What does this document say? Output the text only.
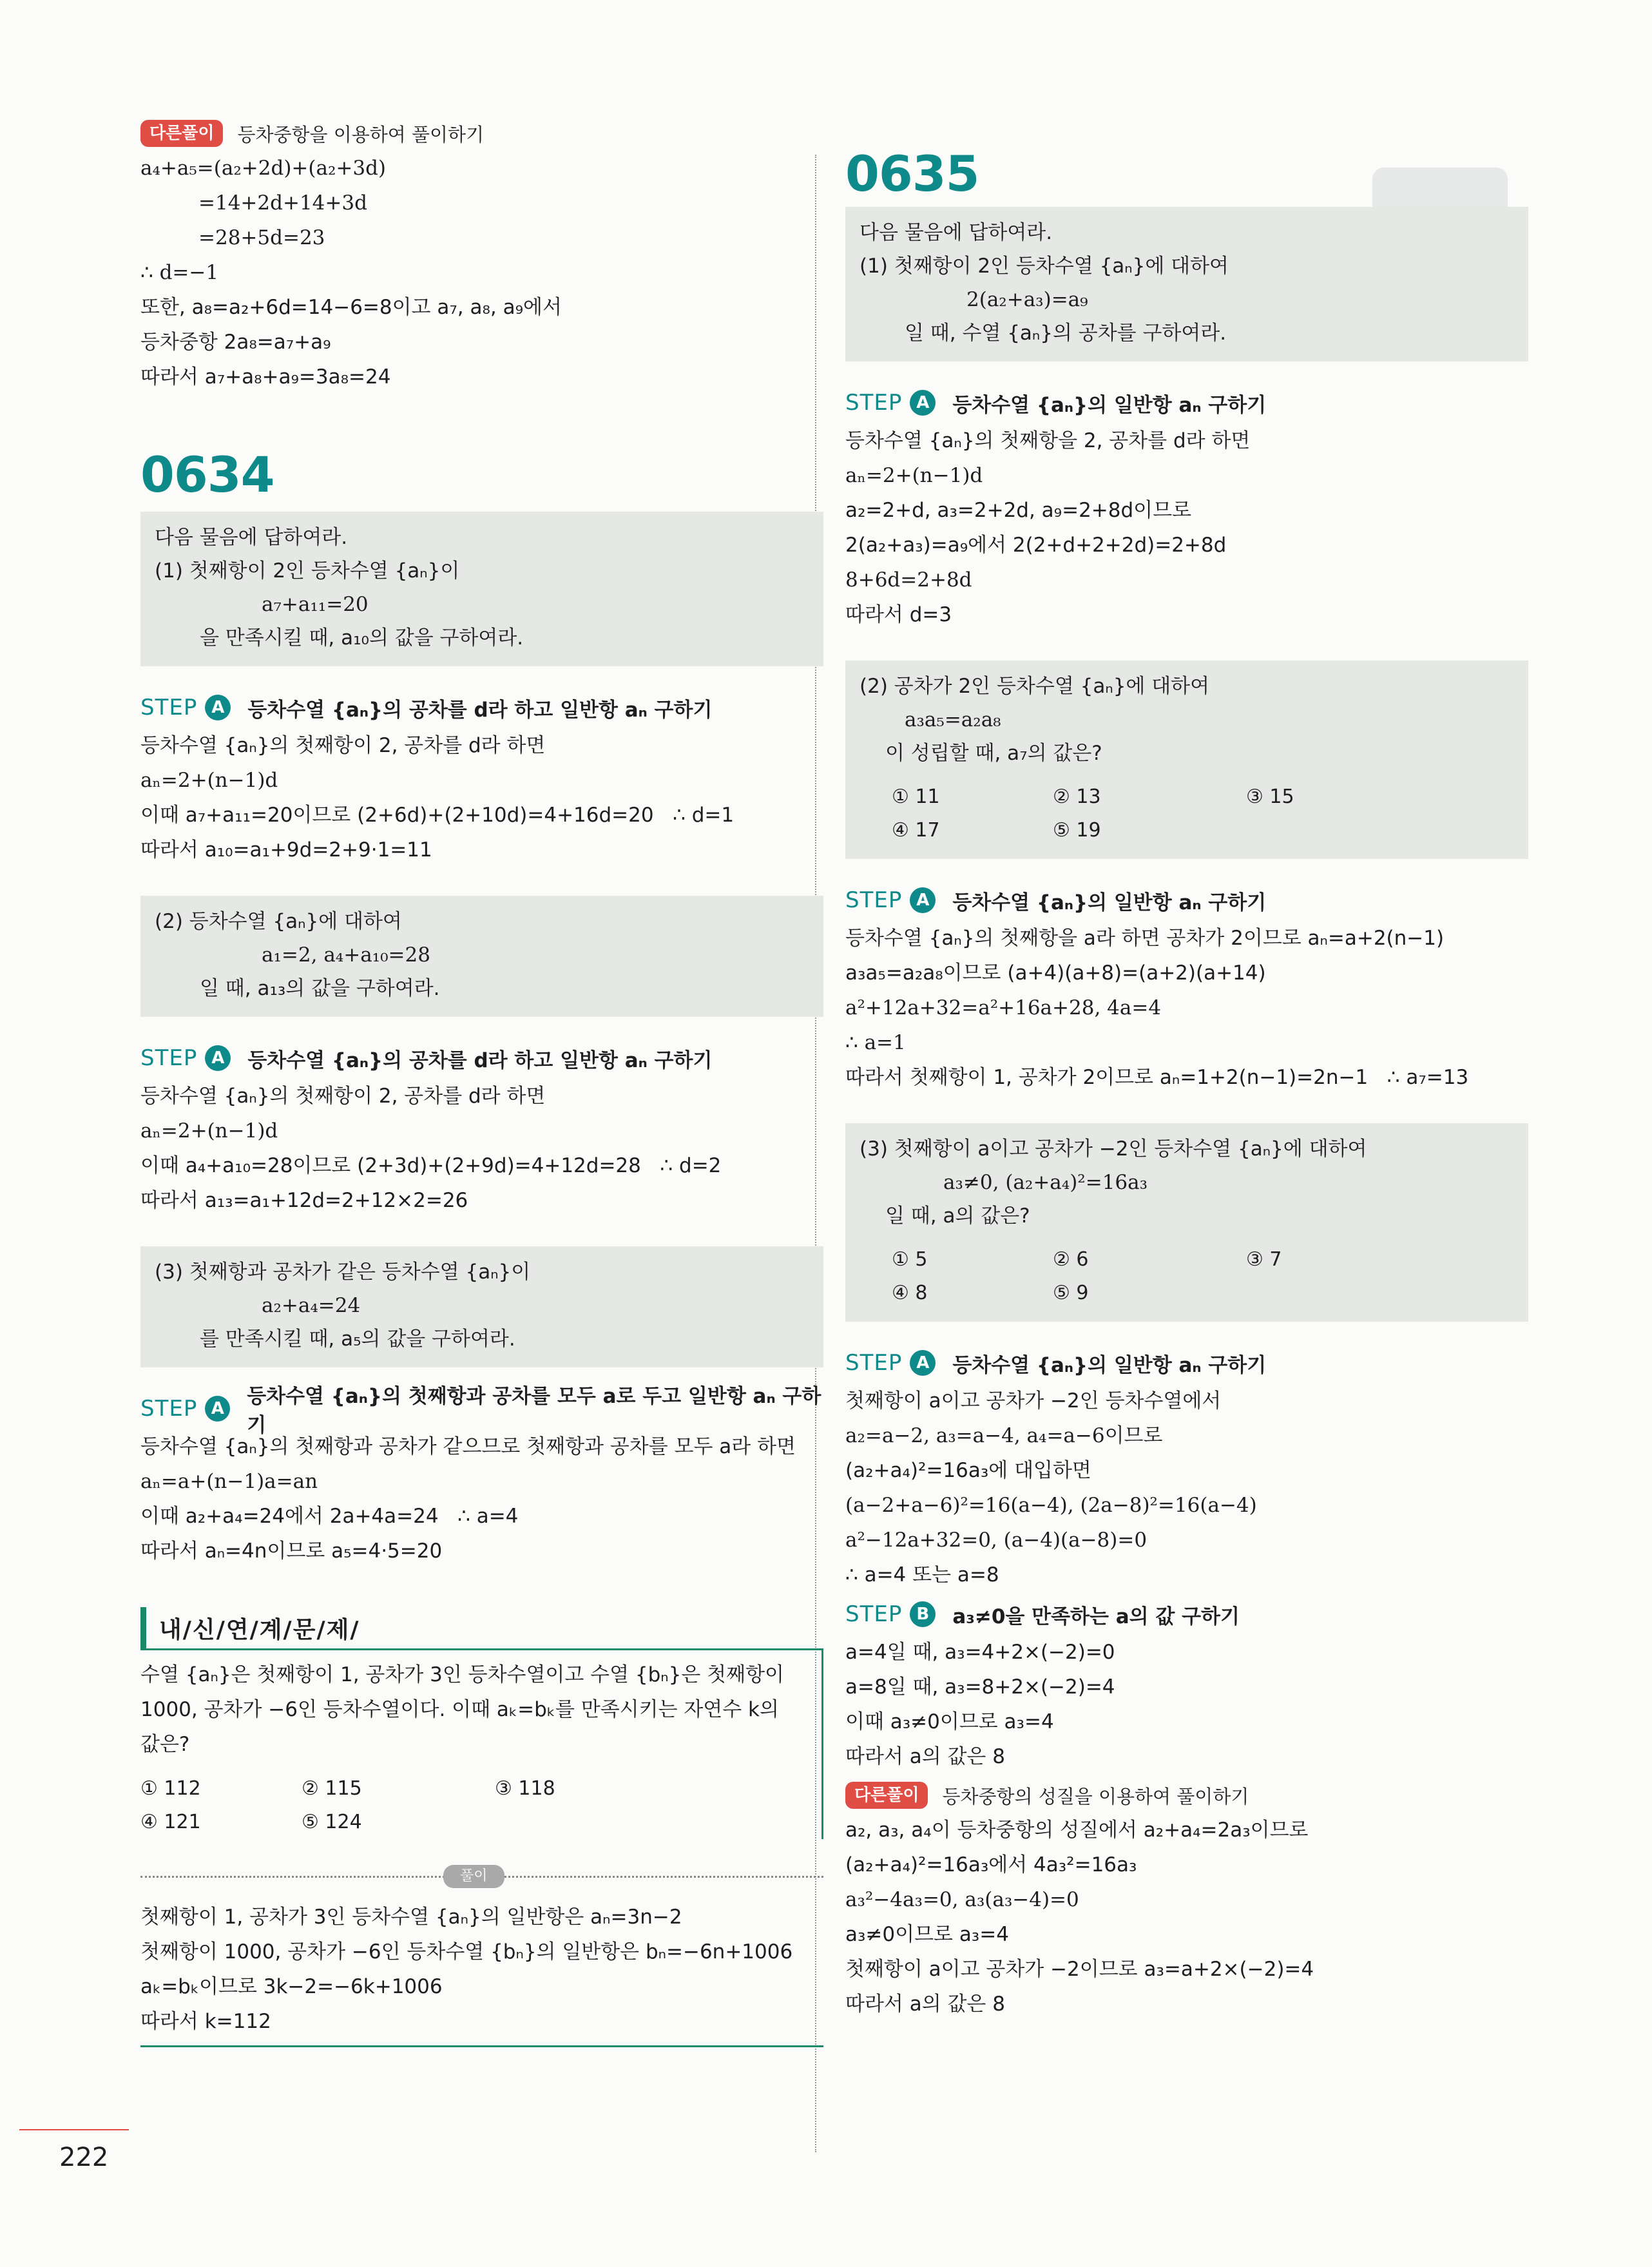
다른풀이	등차중항을 이용하여 풀이하기
a₄+a₅=(a₂+2d)+(a₂+3d)
=14+2d+14+3d
=28+5d=23
∴ d=−1
또한, a₈=a₂+6d=14−6=8이고 a₇, a₈, a₉에서
등차중항 2a₈=a₇+a₉
따라서 a₇+a₈+a₉=3a₈=24
0634
다음 물음에 답하여라.
(1) 첫째항이 2인 등차수열 {aₙ}이
a₇+a₁₁=20
을 만족시킬 때, a₁₀의 값을 구하여라.
STEP A	등차수열 {aₙ}의 공차를 d라 하고 일반항 aₙ 구하기
등차수열 {aₙ}의 첫째항이 2, 공차를 d라 하면
aₙ=2+(n−1)d
이때 a₇+a₁₁=20이므로 (2+6d)+(2+10d)=4+16d=20   ∴ d=1
따라서 a₁₀=a₁+9d=2+9·1=11
(2) 등차수열 {aₙ}에 대하여
a₁=2, a₄+a₁₀=28
일 때, a₁₃의 값을 구하여라.
STEP A	등차수열 {aₙ}의 공차를 d라 하고 일반항 aₙ 구하기
등차수열 {aₙ}의 첫째항이 2, 공차를 d라 하면
aₙ=2+(n−1)d
이때 a₄+a₁₀=28이므로 (2+3d)+(2+9d)=4+12d=28   ∴ d=2
따라서 a₁₃=a₁+12d=2+12×2=26
(3) 첫째항과 공차가 같은 등차수열 {aₙ}이
a₂+a₄=24
를 만족시킬 때, a₅의 값을 구하여라.
STEP A
등차수열 {aₙ}의 첫째항과 공차를 모두 a로 두고 일반항 aₙ 구하기
등차수열 {aₙ}의 첫째항과 공차가 같으므로 첫째항과 공차를 모두 a라 하면
aₙ=a+(n−1)a=an
이때 a₂+a₄=24에서 2a+4a=24   ∴ a=4
따라서 aₙ=4n이므로 a₅=4·5=20
내/신/연/계/문/제/
수열 {aₙ}은 첫째항이 1, 공차가 3인 등차수열이고 수열 {bₙ}은 첫째항이
1000, 공차가 −6인 등차수열이다. 이때 aₖ=bₖ를 만족시키는 자연수 k의
값은?
① 112	② 115	③ 118
④ 121	⑤ 124
풀이
첫째항이 1, 공차가 3인 등차수열 {aₙ}의 일반항은 aₙ=3n−2
첫째항이 1000, 공차가 −6인 등차수열 {bₙ}의 일반항은 bₙ=−6n+1006
aₖ=bₖ이므로 3k−2=−6k+1006
따라서 k=112
0635
다음 물음에 답하여라.
(1) 첫째항이 2인 등차수열 {aₙ}에 대하여
2(a₂+a₃)=a₉
일 때, 수열 {aₙ}의 공차를 구하여라.
STEP A	등차수열 {aₙ}의 일반항 aₙ 구하기
등차수열 {aₙ}의 첫째항을 2, 공차를 d라 하면
aₙ=2+(n−1)d
a₂=2+d, a₃=2+2d, a₉=2+8d이므로
2(a₂+a₃)=a₉에서 2(2+d+2+2d)=2+8d
8+6d=2+8d
따라서 d=3
(2) 공차가 2인 등차수열 {aₙ}에 대하여
a₃a₅=a₂a₈
이 성립할 때, a₇의 값은?
① 11	② 13	③ 15
④ 17	⑤ 19
STEP A	등차수열 {aₙ}의 일반항 aₙ 구하기
등차수열 {aₙ}의 첫째항을 a라 하면 공차가 2이므로 aₙ=a+2(n−1)
a₃a₅=a₂a₈이므로 (a+4)(a+8)=(a+2)(a+14)
a²+12a+32=a²+16a+28, 4a=4
∴ a=1
따라서 첫째항이 1, 공차가 2이므로 aₙ=1+2(n−1)=2n−1   ∴ a₇=13
(3) 첫째항이 a이고 공차가 −2인 등차수열 {aₙ}에 대하여
a₃≠0, (a₂+a₄)²=16a₃
일 때, a의 값은?
① 5	② 6	③ 7
④ 8	⑤ 9
STEP A	등차수열 {aₙ}의 일반항 aₙ 구하기
첫째항이 a이고 공차가 −2인 등차수열에서
a₂=a−2, a₃=a−4, a₄=a−6이므로
(a₂+a₄)²=16a₃에 대입하면
(a−2+a−6)²=16(a−4), (2a−8)²=16(a−4)
a²−12a+32=0, (a−4)(a−8)=0
∴ a=4 또는 a=8
STEP B	a₃≠0을 만족하는 a의 값 구하기
a=4일 때, a₃=4+2×(−2)=0
a=8일 때, a₃=8+2×(−2)=4
이때 a₃≠0이므로 a₃=4
따라서 a의 값은 8
다른풀이	등차중항의 성질을 이용하여 풀이하기
a₂, a₃, a₄이 등차중항의 성질에서 a₂+a₄=2a₃이므로
(a₂+a₄)²=16a₃에서 4a₃²=16a₃
a₃²−4a₃=0, a₃(a₃−4)=0
a₃≠0이므로 a₃=4
첫째항이 a이고 공차가 −2이므로 a₃=a+2×(−2)=4
따라서 a의 값은 8
222
